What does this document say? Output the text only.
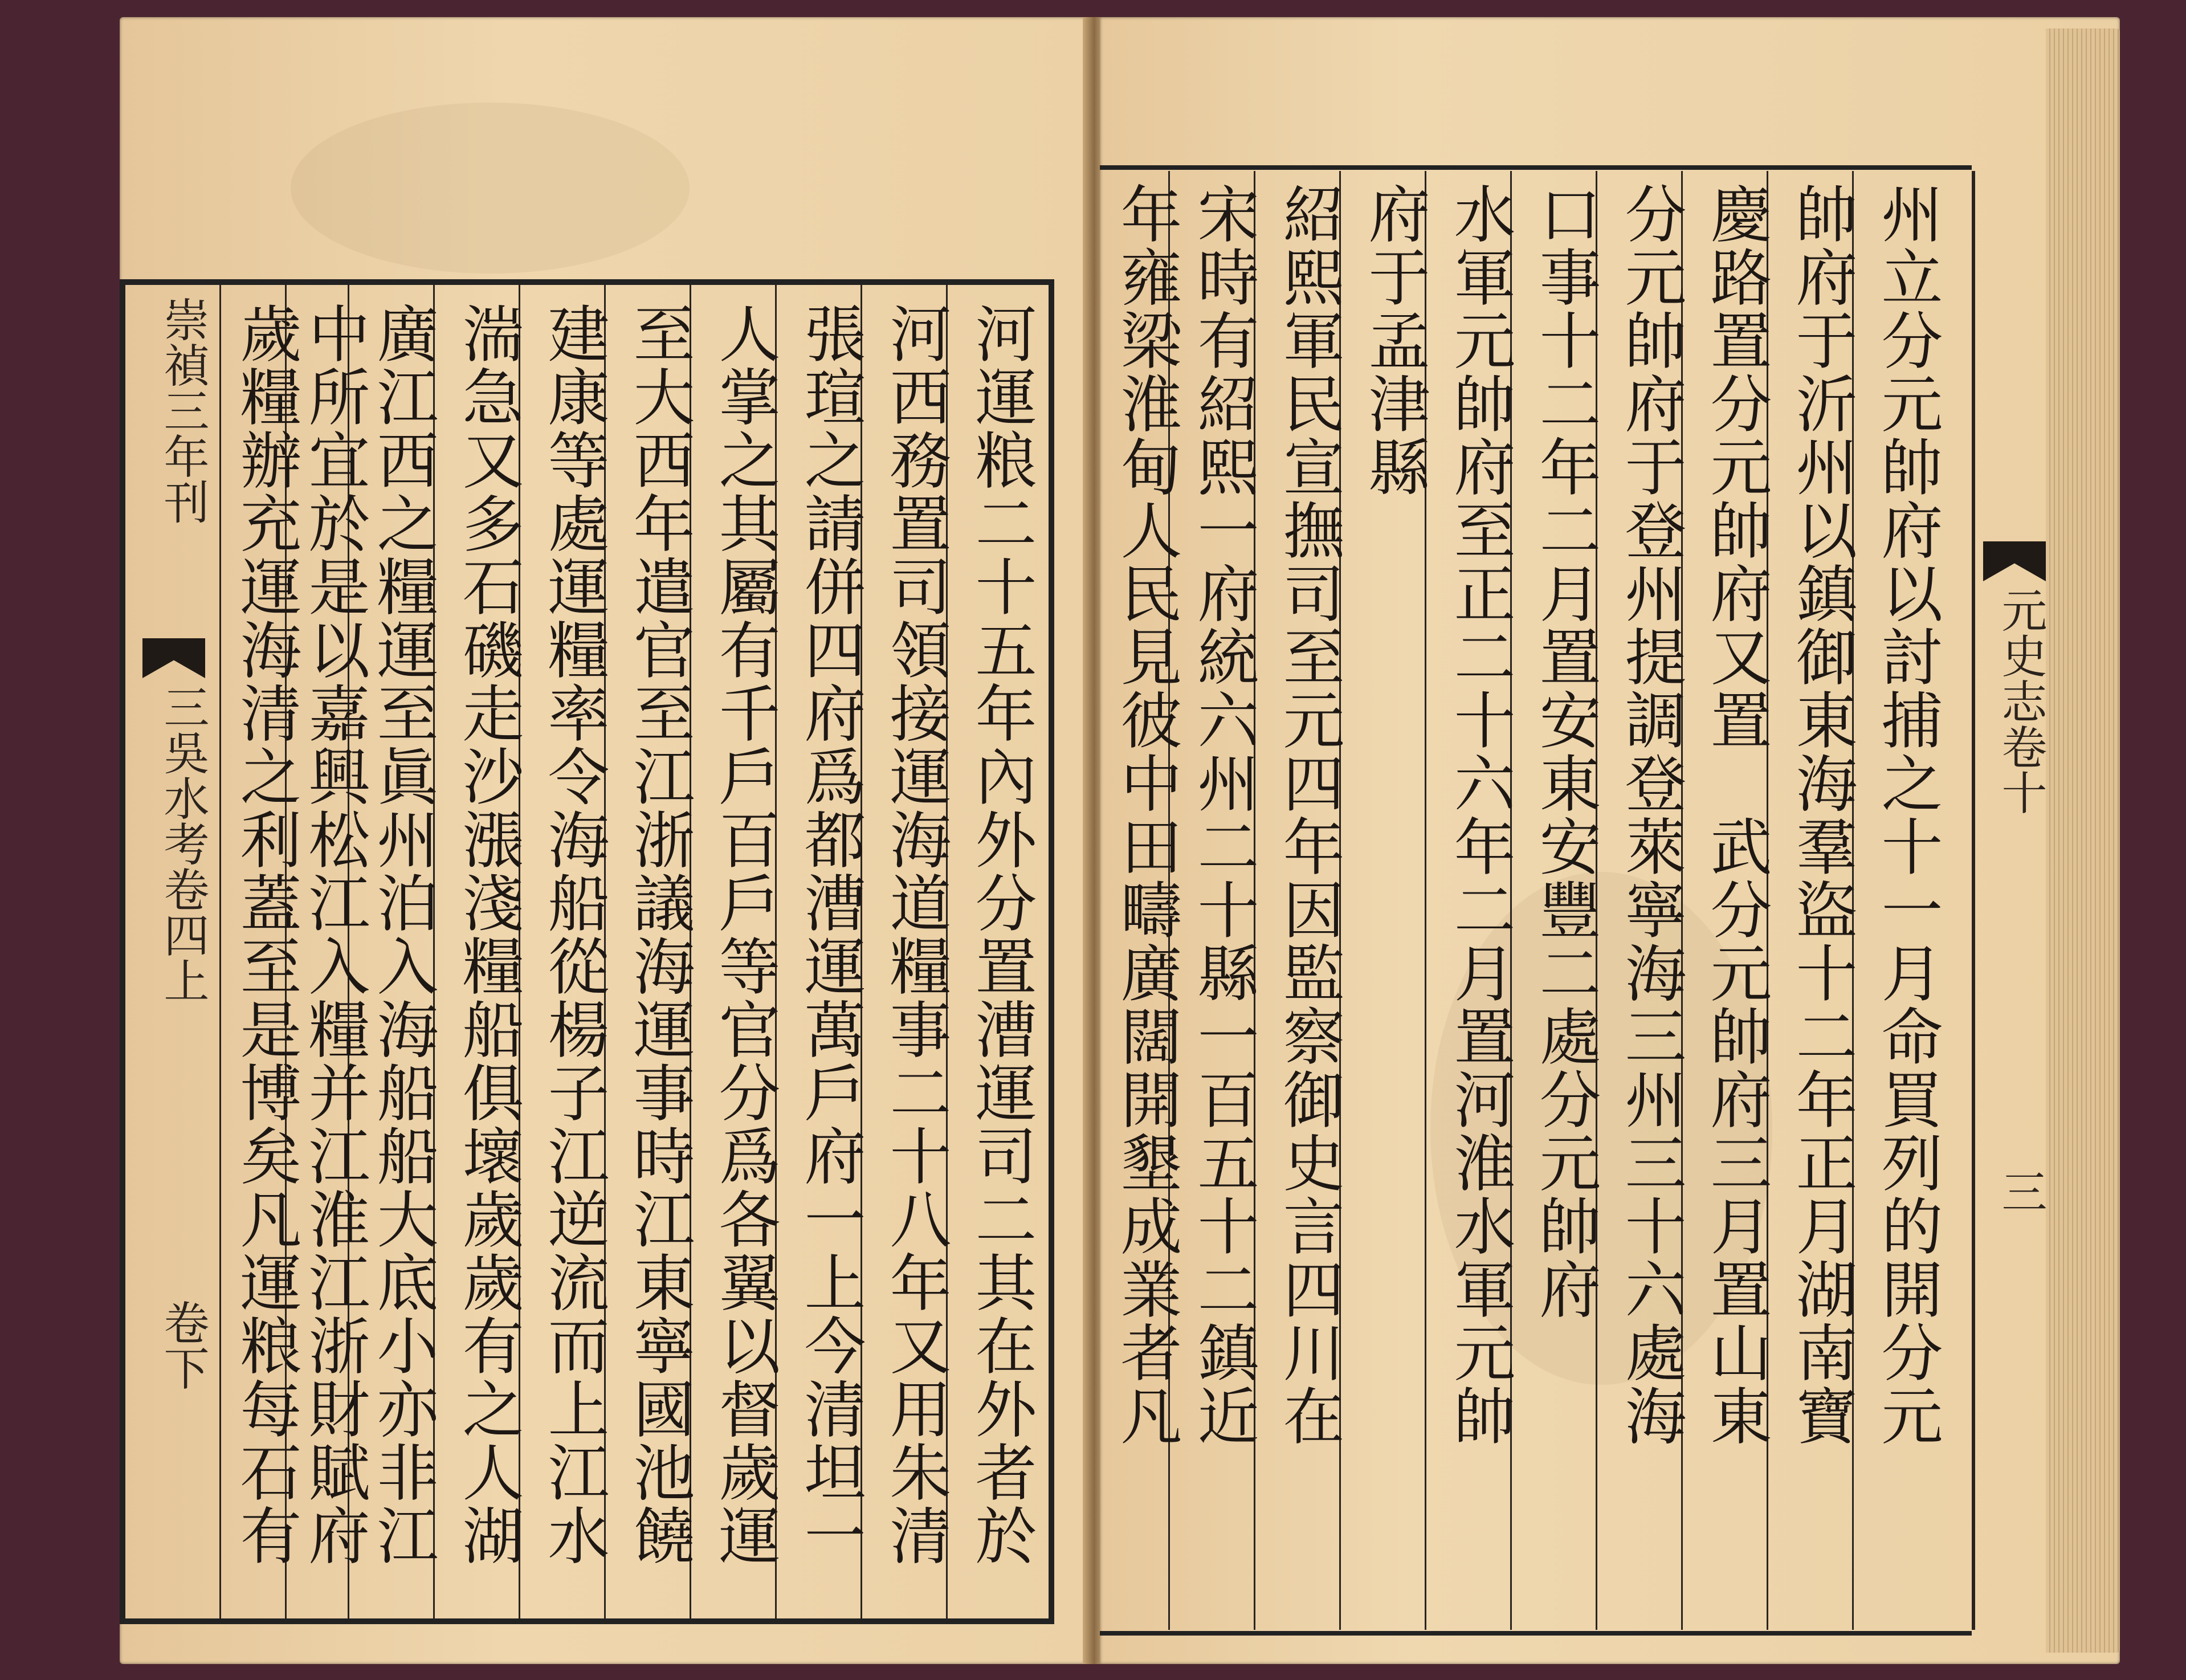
崇禎三年刊
三吳水考卷四上
卷下	河運粮二十五年內外分置漕運司二其在外者於
河西務置司領接運海道糧事二十八年又用朱清
張瑄之請併四府爲都漕運萬戶府一上今清坦一
人掌之其屬有千戶百戶等官分爲各翼以督歲運
至大西年遣官至江浙議海運事時江東寧國池饒
建康等處運糧率令海船從楊子江逆流而上江水
湍急又多石磯走沙漲淺糧船俱壞歲歲有之人湖
廣江西之糧運至眞州泊入海船船大底小亦非江
中所宜於是以嘉興松江入糧并江淮江浙財賦府
歲糧辦充運海清之利蓋至是博矣凡運粮每石有	州立分元帥府以討捕之十一月命買列的開分元
帥府于沂州以鎮御東海羣盜十二年正月湖南寶
慶路置分元帥府又置　武分元帥府三月置山東
分元帥府于登州提調登萊寧海三州三十六處海
口事十二年二月置安東安豐二處分元帥府
水軍元帥府至正二十六年二月置河淮水軍元帥
府于孟津縣
紹熙軍民宣撫司至元四年因監察御史言四川在
宋時有紹熙一府統六州二十縣一百五十二鎮近
年雍梁淮甸人民見彼中田疇廣闊開墾成業者凡	元史志卷十
三
